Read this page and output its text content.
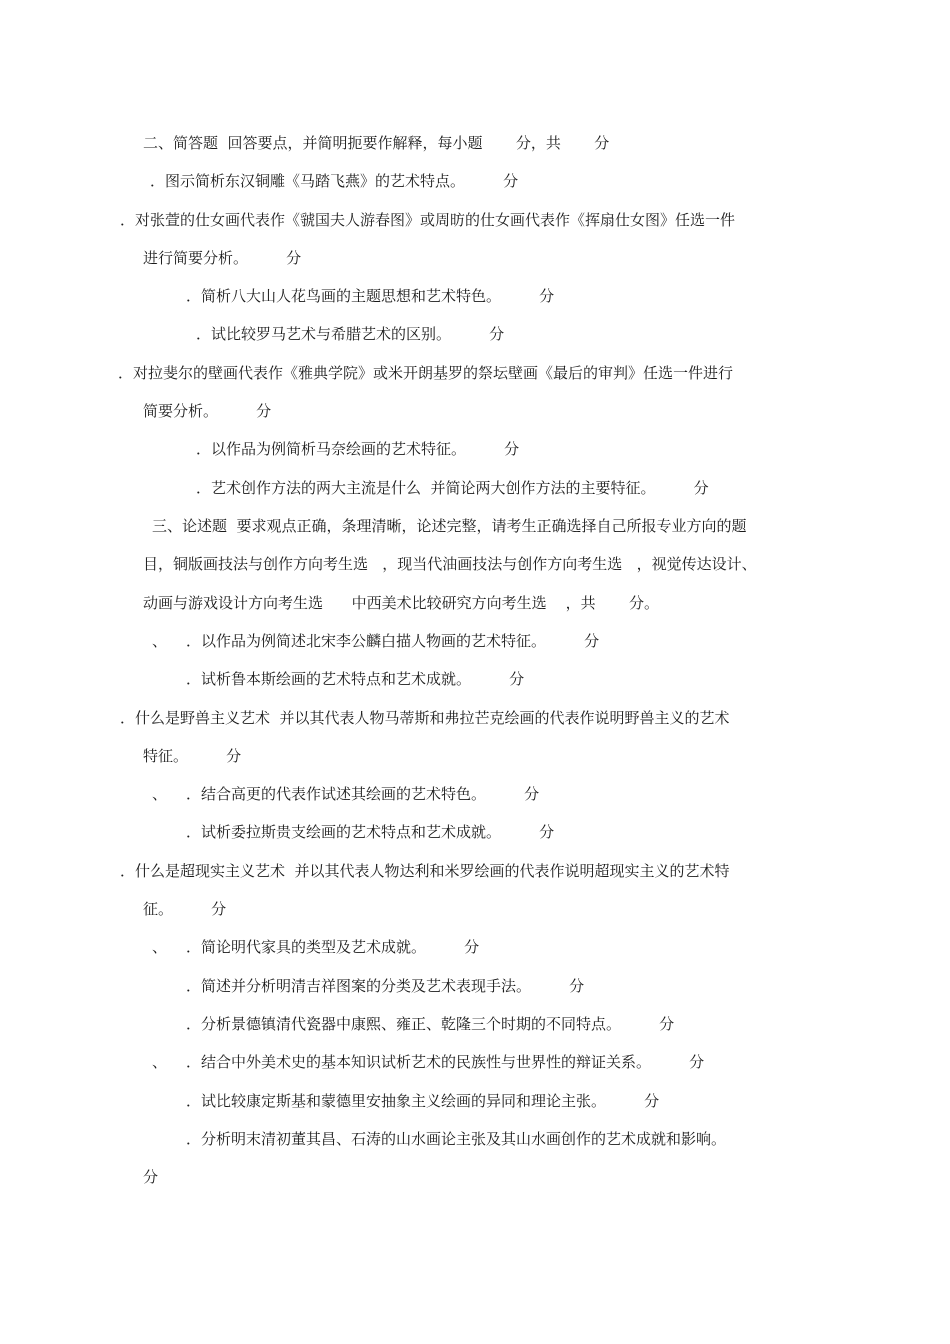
二、简答题  回答要点，并简明扼要作解释，每小题       分，共       分
．图示简析东汉铜雕《马踏飞燕》的艺术特点。        分
．对张萱的仕女画代表作《虢国夫人游春图》或周昉的仕女画代表作《挥扇仕女图》任选一件
进行简要分析。        分
．简析八大山人花鸟画的主题思想和艺术特色。        分
．试比较罗马艺术与希腊艺术的区别。        分
．对拉斐尔的壁画代表作《雅典学院》或米开朗基罗的祭坛壁画《最后的审判》任选一件进行
简要分析。        分
．以作品为例简析马奈绘画的艺术特征。        分
．艺术创作方法的两大主流是什么  并简论两大创作方法的主要特征。        分
三、论述题  要求观点正确，条理清晰，论述完整，请考生正确选择自己所报专业方向的题
目，铜版画技法与创作方向考生选   ，现当代油画技法与创作方向考生选   ，视觉传达设计、
动画与游戏设计方向考生选      中西美术比较研究方向考生选    ，共       分。
、 ．以作品为例简述北宋李公麟白描人物画的艺术特征。        分
．试析鲁本斯绘画的艺术特点和艺术成就。        分
．什么是野兽主义艺术  并以其代表人物马蒂斯和弗拉芒克绘画的代表作说明野兽主义的艺术
特征。        分
、 ．结合高更的代表作试述其绘画的艺术特色。        分
．试析委拉斯贵支绘画的艺术特点和艺术成就。        分
．什么是超现实主义艺术  并以其代表人物达利和米罗绘画的代表作说明超现实主义的艺术特
征。        分
、 ．简论明代家具的类型及艺术成就。        分
．简述并分析明清吉祥图案的分类及艺术表现手法。        分
．分析景德镇清代瓷器中康熙、雍正、乾隆三个时期的不同特点。        分
、 ．结合中外美术史的基本知识试析艺术的民族性与世界性的辩证关系。        分
．试比较康定斯基和蒙德里安抽象主义绘画的异同和理论主张。        分
．分析明末清初董其昌、石涛的山水画论主张及其山水画创作的艺术成就和影响。
分
